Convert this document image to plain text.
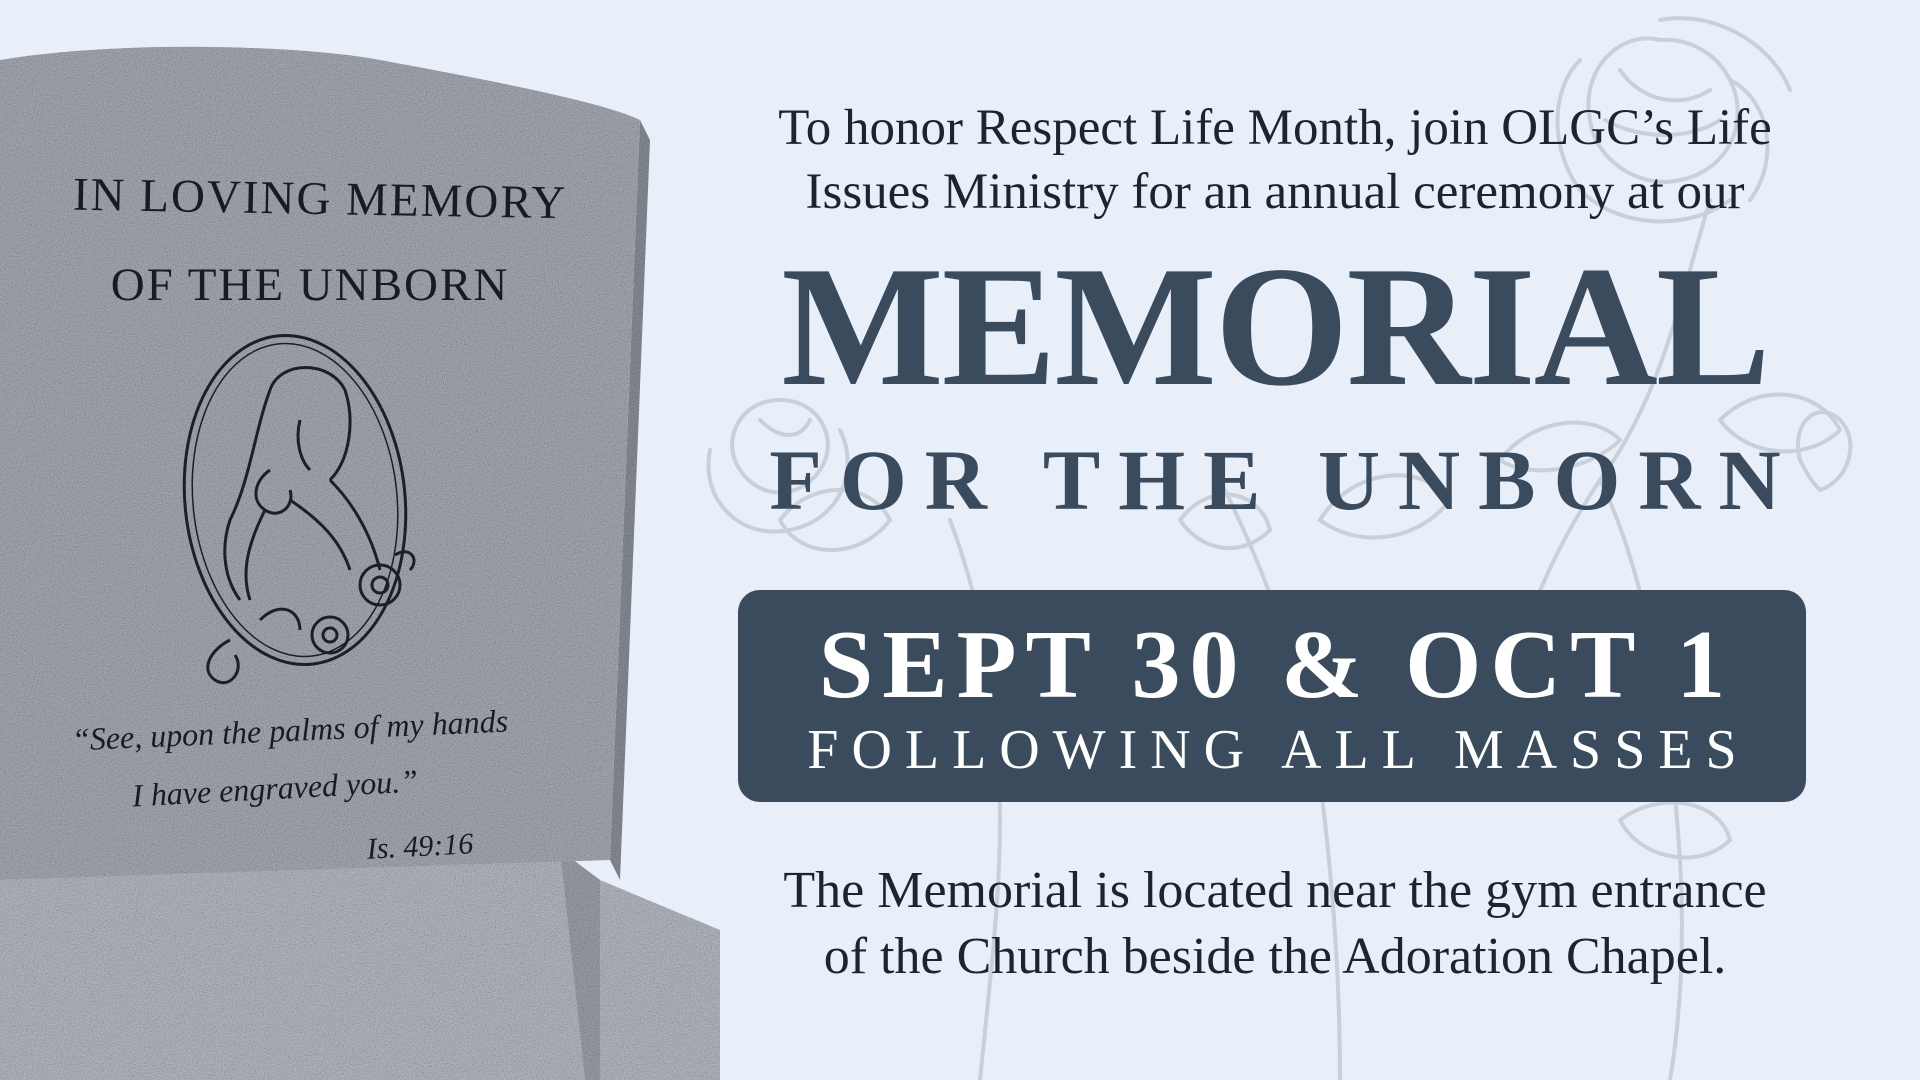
IN LOVING MEMORY
OF THE UNBORN
“See, upon the palms of my hands
I have engraved you.”
Is. 49:16
To honor Respect Life Month, join OLGC’s Life
Issues Ministry for an annual ceremony at our
MEMORIAL
FOR THE UNBORN
SEPT 30 & OCT 1
FOLLOWING ALL MASSES
The Memorial is located near the gym entrance
of the Church beside the Adoration Chapel.
